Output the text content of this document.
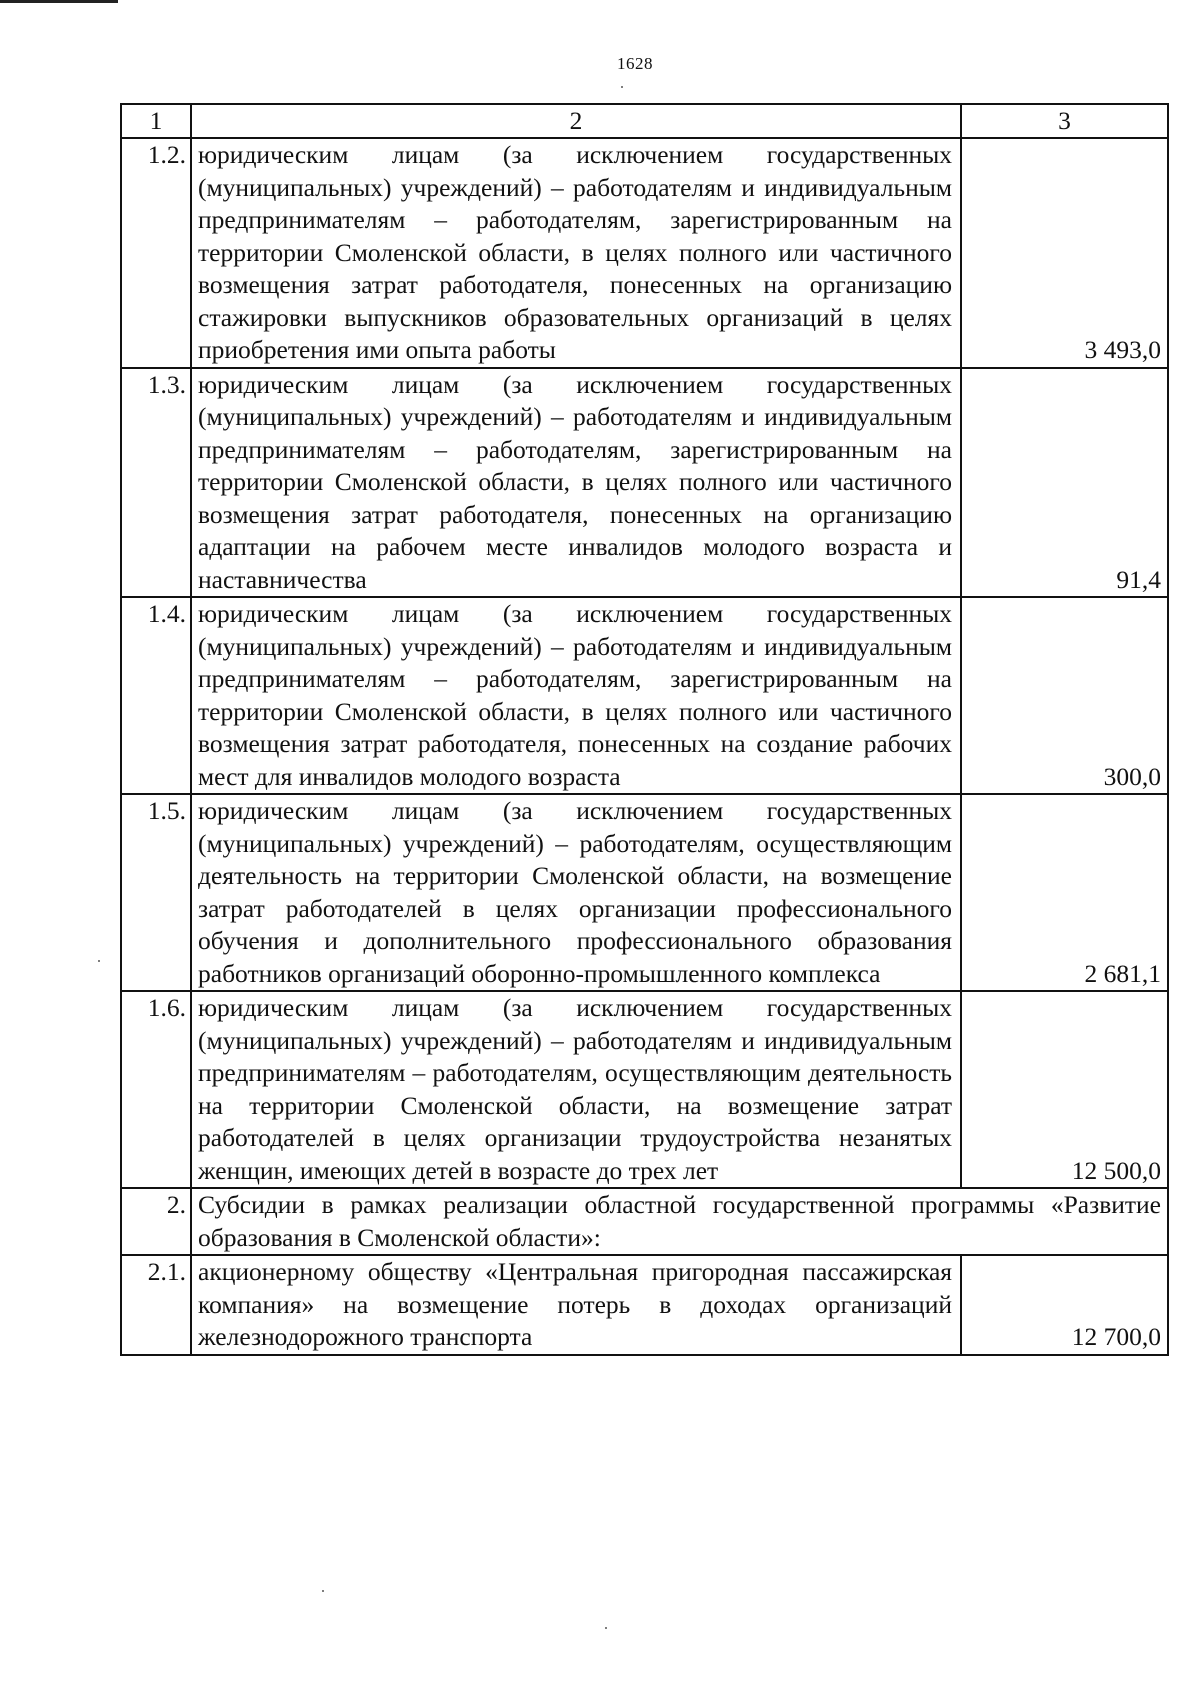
1628
1	2	3
1.2.	юридическим лицам (за исключением государственных (муниципальных) учреждений) – работодателям и индивидуальным предпринимателям – работодателям, зарегистрированным на территории Смоленской области, в целях полного или частичного возмещения затрат работодателя, понесенных на организацию стажировки выпускников образовательных организаций в целях приобретения ими опыта работы	3 493,0
1.3.	юридическим лицам (за исключением государственных (муниципальных) учреждений) – работодателям и индивидуальным предпринимателям – работодателям, зарегистрированным на территории Смоленской области, в целях полного или частичного возмещения затрат работодателя, понесенных на организацию адаптации на рабочем месте инвалидов молодого возраста и наставничества	91,4
1.4.	юридическим лицам (за исключением государственных (муниципальных) учреждений) – работодателям и индивидуальным предпринимателям – работодателям, зарегистрированным на территории Смоленской области, в целях полного или частичного возмещения затрат работодателя, понесенных на создание рабочих мест для инвалидов молодого возраста	300,0
1.5.	юридическим лицам (за исключением государственных (муниципальных) учреждений) – работодателям, осуществляющим деятельность на территории Смоленской области, на возмещение затрат работодателей в целях организации профессионального обучения и дополнительного профессионального образования работников организаций оборонно-промышленного комплекса	2 681,1
1.6.	юридическим лицам (за исключением государственных (муниципальных) учреждений) – работодателям и индивидуальным предпринимателям – работодателям, осуществляющим деятельность на территории Смоленской области, на возмещение затрат работодателей в целях организации трудоустройства незанятых женщин, имеющих детей в возрасте до трех лет	12 500,0
2.	Субсидии в рамках реализации областной государственной программы «Развитие образования в Смоленской области»:	
2.1.	акционерному обществу «Центральная пригородная пассажирская компания» на возмещение потерь в доходах организаций железнодорожного транспорта	12 700,0
